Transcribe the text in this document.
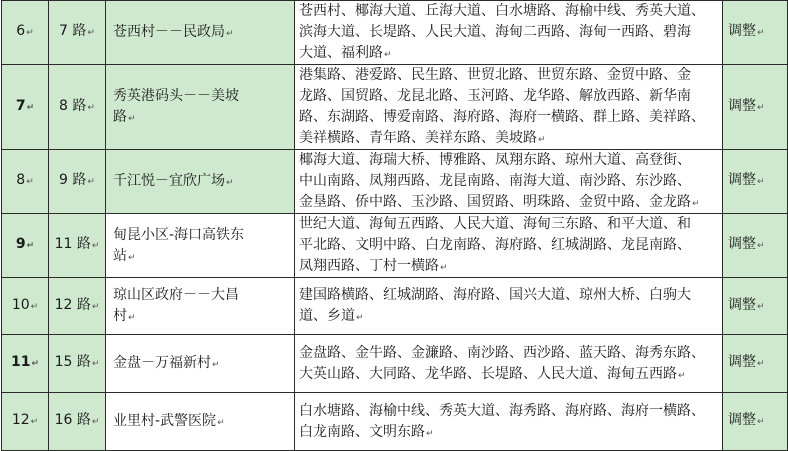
6↵	7 路↵	苍西村－－民政局↵	苍西村、椰海大道、丘海大道、白水塘路、海榆中线、秀英大道、
滨海大道、长堤路、人民大道、海甸二西路、海甸一西路、碧海
大道、福利路↵	调整↵
7↵	8 路↵	秀英港码头－－美坡
路↵	港集路、港爱路、民生路、世贸北路、世贸东路、金贸中路、金
龙路、国贸路、龙昆北路、玉河路、龙华路、解放西路、新华南
路、东湖路、博爱南路、海府路、海府一横路、群上路、美祥路、
美祥横路、青年路、美祥东路、美坡路↵	调整↵
8↵	9 路↵	千江悦－宜欣广场↵	椰海大道、海瑞大桥、博雅路、凤翔东路、琼州大道、高登街、
中山南路、凤翔西路、龙昆南路、南海大道、南沙路、东沙路、
金垦路、侨中路、玉沙路、国贸路、明珠路、金贸中路、金龙路↵	调整↵
9↵	11 路↵	甸昆小区-海口高铁东
站↵	世纪大道、海甸五西路、人民大道、海甸三东路、和平大道、和
平北路、文明中路、白龙南路、海府路、红城湖路、龙昆南路、
凤翔西路、丁村一横路↵	调整↵
10↵	12 路↵	琼山区政府－－大昌
村↵	建国路横路、红城湖路、海府路、国兴大道、琼州大桥、白驹大
道、乡道↵	调整↵
11↵	15 路↵	金盘－万福新村↵	金盘路、金牛路、金濂路、南沙路、西沙路、蓝天路、海秀东路、
大英山路、大同路、龙华路、长堤路、人民大道、海甸五西路↵	调整↵
12↵	16 路↵	业里村-武警医院↵	白水塘路、海榆中线、秀英大道、海秀路、海府路、海府一横路、
白龙南路、文明东路↵	调整↵
